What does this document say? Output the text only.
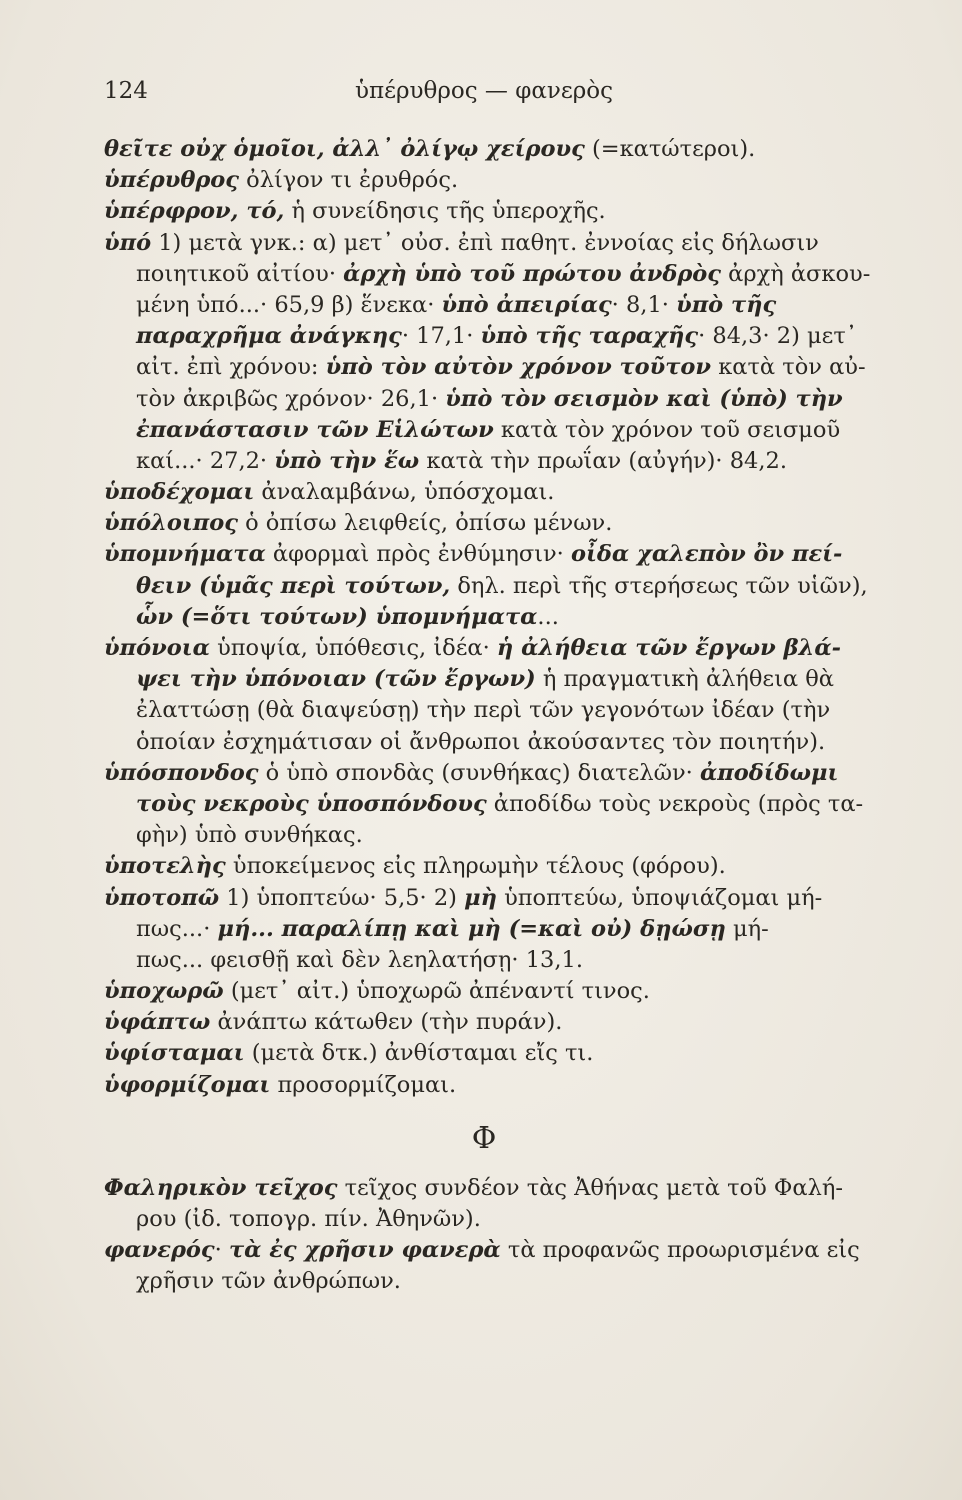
124	ὑπέρυθρος — φανερὸς
θεῖτε οὐχ ὁμοῖοι, ἀλλ᾽ ὀλίγῳ χείρους (=κατώτεροι).
ὑπέρυθρος ὀλίγον τι ἐρυθρός.
ὑπέρφρον, τό, ἡ συνείδησις τῆς ὑπεροχῆς.
ὑπό 1) μετὰ γνκ.: α) μετ᾽ οὐσ. ἐπὶ παθητ. ἐννοίας εἰς δήλωσιν
ποιητικοῦ αἰτίου· ἀρχὴ ὑπὸ τοῦ πρώτου ἀνδρὸς ἀρχὴ ἀσκου-
μένη ὑπό...· 65,9 β) ἕνεκα· ὑπὸ ἀπειρίας· 8,1· ὑπὸ τῆς
παραχρῆμα ἀνάγκης· 17,1· ὑπὸ τῆς ταραχῆς· 84,3· 2) μετ᾽
αἰτ. ἐπὶ χρόνου: ὑπὸ τὸν αὐτὸν χρόνον τοῦτον κατὰ τὸν αὐ-
τὸν ἀκριβῶς χρόνον· 26,1· ὑπὸ τὸν σεισμὸν καὶ (ὑπὸ) τὴν
ἐπανάστασιν τῶν Εἱλώτων κατὰ τὸν χρόνον τοῦ σεισμοῦ
καί...· 27,2· ὑπὸ τὴν ἕω κατὰ τὴν πρωΐαν (αὐγήν)· 84,2.
ὑποδέχομαι ἀναλαμβάνω, ὑπόσχομαι.
ὑπόλοιπος ὁ ὀπίσω λειφθείς, ὀπίσω μένων.
ὑπομνήματα ἀφορμαὶ πρὸς ἐνθύμησιν· οἶδα χαλεπὸν ὂν πεί-
θειν (ὑμᾶς περὶ τούτων, δηλ. περὶ τῆς στερήσεως τῶν υἱῶν),
ὧν (=ὅτι τούτων) ὑπομνήματα...
ὑπόνοια ὑποψία, ὑπόθεσις, ἰδέα· ἡ ἀλήθεια τῶν ἔργων βλά-
ψει τὴν ὑπόνοιαν (τῶν ἔργων) ἡ πραγματικὴ ἀλήθεια θὰ
ἐλαττώσῃ (θὰ διαψεύσῃ) τὴν περὶ τῶν γεγονότων ἰδέαν (τὴν
ὁποίαν ἐσχημάτισαν οἱ ἄνθρωποι ἀκούσαντες τὸν ποιητήν).
ὑπόσπονδος ὁ ὑπὸ σπονδὰς (συνθήκας) διατελῶν· ἀποδίδωμι
τοὺς νεκροὺς ὑποσπόνδους ἀποδίδω τοὺς νεκροὺς (πρὸς τα-
φὴν) ὑπὸ συνθήκας.
ὑποτελὴς ὑποκείμενος εἰς πληρωμὴν τέλους (φόρου).
ὑποτοπῶ 1) ὑποπτεύω· 5,5· 2) μὴ ὑποπτεύω, ὑποψιάζομαι μή-
πως...· μή... παραλίπῃ καὶ μὴ (=καὶ οὐ) δῃώσῃ μή-
πως... φεισθῇ καὶ δὲν λεηλατήσῃ· 13,1.
ὑποχωρῶ (μετ᾽ αἰτ.) ὑποχωρῶ ἀπέναντί τινος.
ὑφάπτω ἀνάπτω κάτωθεν (τὴν πυράν).
ὑφίσταμαι (μετὰ δτκ.) ἀνθίσταμαι εἴς τι.
ὑφορμίζομαι προσορμίζομαι.
Φ
Φαληρικὸν τεῖχος τεῖχος συνδέον τὰς Ἀθήνας μετὰ τοῦ Φαλή-
ρου (ἰδ. τοπογρ. πίν. Ἀθηνῶν).
φανερός· τὰ ἐς χρῆσιν φανερὰ τὰ προφανῶς προωρισμένα εἰς
χρῆσιν τῶν ἀνθρώπων.
